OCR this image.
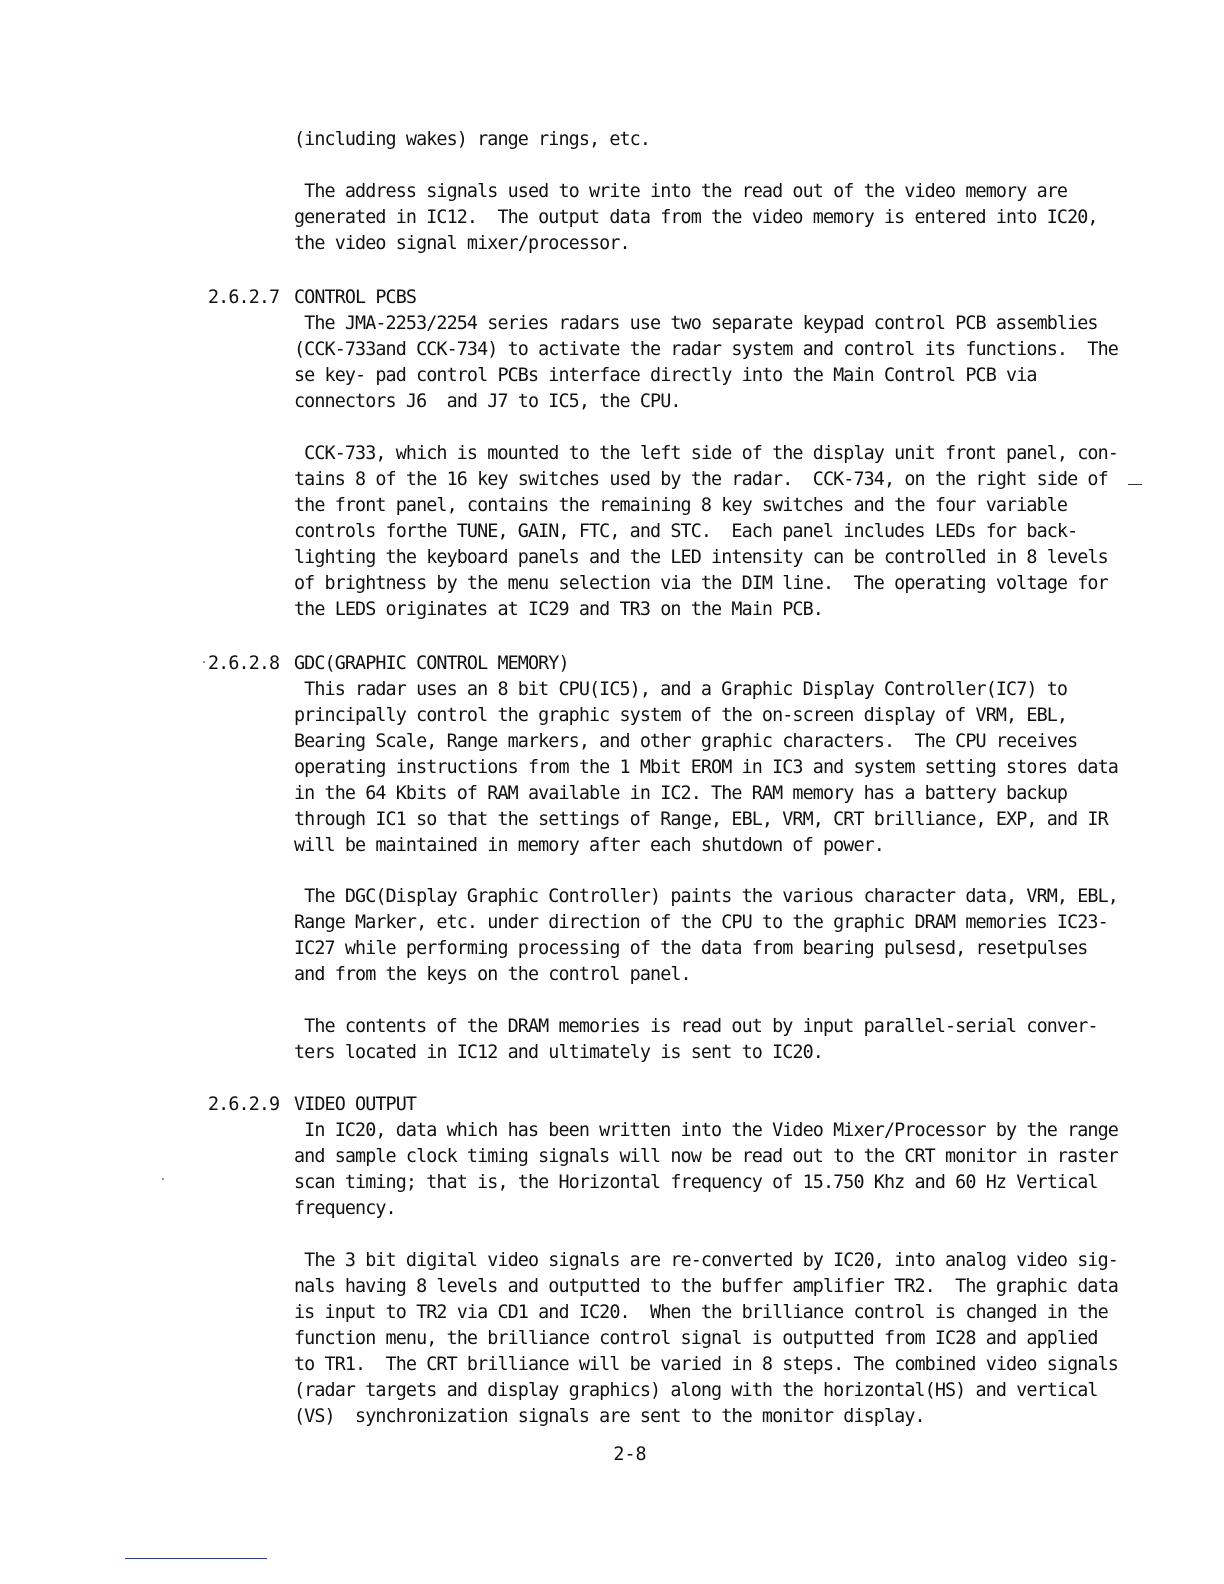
(including wakes) range rings, etc.
The address signals used to write into the read out of the video memory are
generated in IC12.  The output data from the video memory is entered into IC20,
the video signal mixer/processor.
2.6.2.7 CONTROL PCBS
The JMA-2253/2254 series radars use two separate keypad control PCB assemblies
(CCK-733and CCK-734) to activate the radar system and control its functions.  The
se key- pad control PCBs interface directly into the Main Control PCB via
connectors J6  and J7 to IC5, the CPU.
CCK-733, which is mounted to the left side of the display unit front panel, con-
tains 8 of the 16 key switches used by the radar.  CCK-734, on the right side of
the front panel, contains the remaining 8 key switches and the four variable
controls forthe TUNE, GAIN, FTC, and STC.  Each panel includes LEDs for back-
lighting the keyboard panels and the LED intensity can be controlled in 8 levels
of brightness by the menu selection via the DIM line.  The operating voltage for
the LEDS originates at IC29 and TR3 on the Main PCB.
2.6.2.8 GDC(GRAPHIC CONTROL MEMORY)
This radar uses an 8 bit CPU(IC5), and a Graphic Display Controller(IC7) to
principally control the graphic system of the on-screen display of VRM, EBL,
Bearing Scale, Range markers, and other graphic characters.  The CPU receives
operating instructions from the 1 Mbit EROM in IC3 and system setting stores data
in the 64 Kbits of RAM available in IC2. The RAM memory has a battery backup
through IC1 so that the settings of Range, EBL, VRM, CRT brilliance, EXP, and IR
will be maintained in memory after each shutdown of power.
The DGC(Display Graphic Controller) paints the various character data, VRM, EBL,
Range Marker, etc. under direction of the CPU to the graphic DRAM memories IC23-
IC27 while performing processing of the data from bearing pulsesd, resetpulses
and from the keys on the control panel.
The contents of the DRAM memories is read out by input parallel-serial conver-
ters located in IC12 and ultimately is sent to IC20.
2.6.2.9 VIDEO OUTPUT
In IC20, data which has been written into the Video Mixer/Processor by the range
and sample clock timing signals will now be read out to the CRT monitor in raster
scan timing; that is, the Horizontal frequency of 15.750 Khz and 60 Hz Vertical
frequency.
The 3 bit digital video signals are re-converted by IC20, into analog video sig-
nals having 8 levels and outputted to the buffer amplifier TR2.  The graphic data
is input to TR2 via CD1 and IC20.  When the brilliance control is changed in the
function menu, the brilliance control signal is outputted from IC28 and applied
to TR1.  The CRT brilliance will be varied in 8 steps. The combined video signals
(radar targets and display graphics) along with the horizontal(HS) and vertical
(VS)  synchronization signals are sent to the monitor display.
2-8
